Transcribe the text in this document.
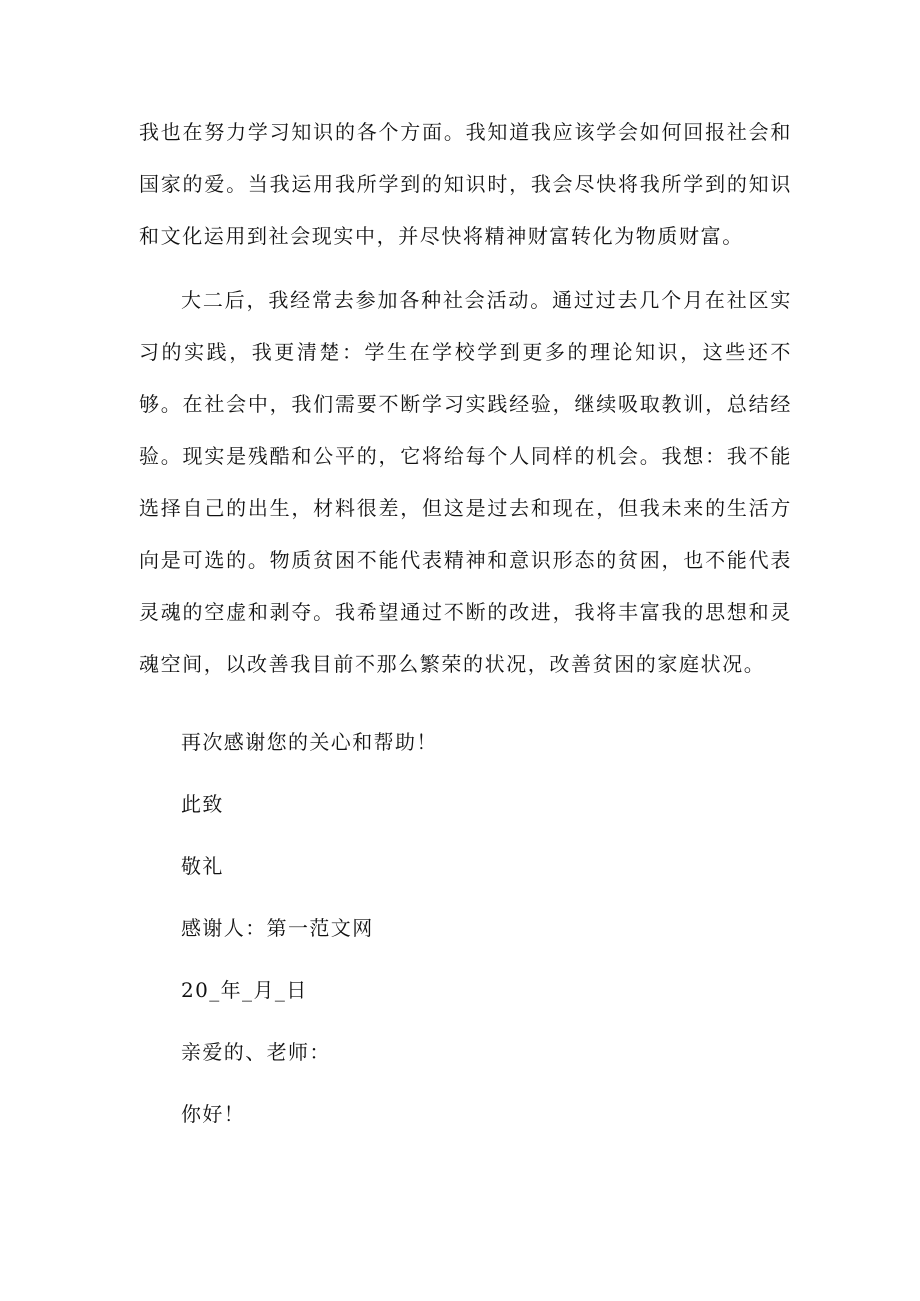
我也在努力学习知识的各个方面。我知道我应该学会如何回报社会和国家的爱。当我运用我所学到的知识时，我会尽快将我所学到的知识和文化运用到社会现实中，并尽快将精神财富转化为物质财富。

大二后，我经常去参加各种社会活动。通过过去几个月在社区实习的实践，我更清楚：学生在学校学到更多的理论知识，这些还不够。在社会中，我们需要不断学习实践经验，继续吸取教训，总结经验。现实是残酷和公平的，它将给每个人同样的机会。我想：我不能选择自己的出生，材料很差，但这是过去和现在，但我未来的生活方向是可选的。物质贫困不能代表精神和意识形态的贫困，也不能代表灵魂的空虚和剥夺。我希望通过不断的改进，我将丰富我的思想和灵魂空间，以改善我目前不那么繁荣的状况，改善贫困的家庭状况。

再次感谢您的关心和帮助！

此致

敬礼

感谢人：第一范文网

20_年_月_日

亲爱的、老师：

你好！
